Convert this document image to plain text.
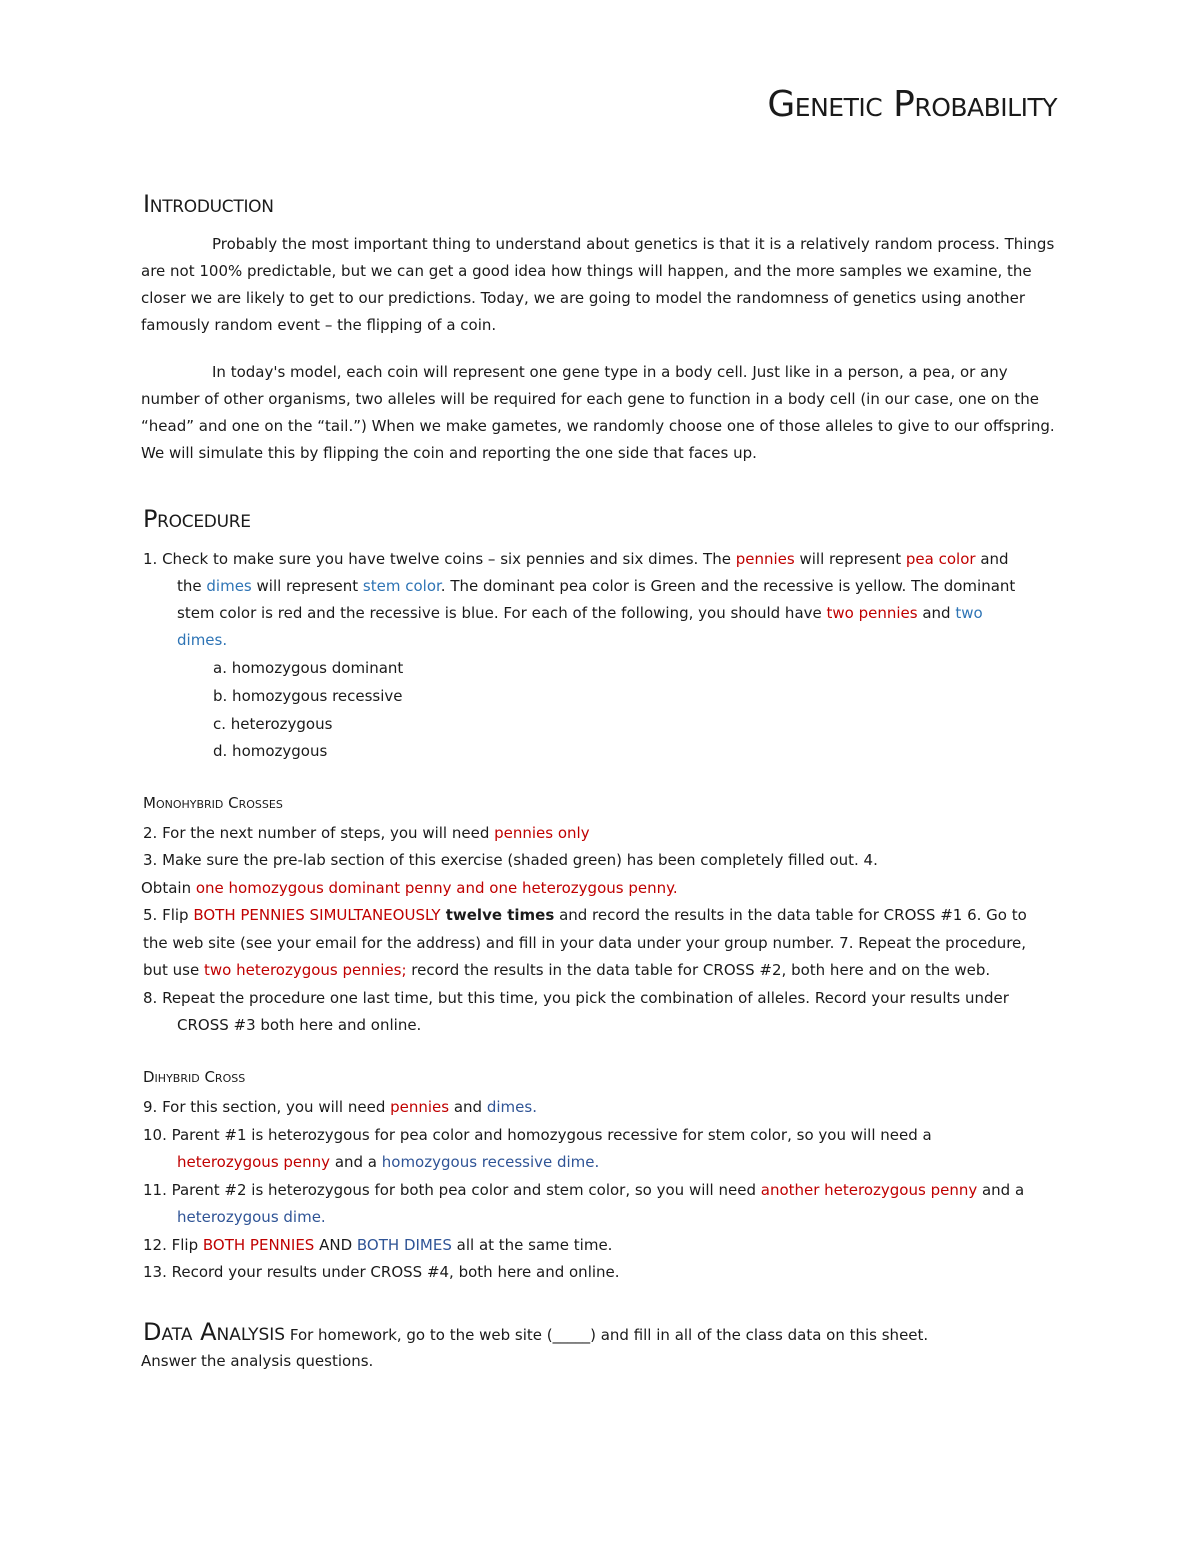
Genetic Probability
Introduction
Probably the most important thing to understand about genetics is that it is a relatively random process. Things are not 100% predictable, but we can get a good idea how things will happen, and the more samples we examine, the closer we are likely to get to our predictions. Today, we are going to model the randomness of genetics using another famously random event – the flipping of a coin.
In today's model, each coin will represent one gene type in a body cell. Just like in a person, a pea, or any number of other organisms, two alleles will be required for each gene to function in a body cell (in our case, one on the “head” and one on the “tail.”) When we make gametes, we randomly choose one of those alleles to give to our offspring. We will simulate this by flipping the coin and reporting the one side that faces up.
Procedure
1. Check to make sure you have twelve coins – six pennies and six dimes. The pennies will represent pea color and
the dimes will represent stem color. The dominant pea color is Green and the recessive is yellow. The dominant
stem color is red and the recessive is blue. For each of the following, you should have two pennies and two
dimes.
a. homozygous dominant
b. homozygous recessive
c. heterozygous
d. homozygous
Monohybrid Crosses
2. For the next number of steps, you will need pennies only
3. Make sure the pre-lab section of this exercise (shaded green) has been completely filled out. 4.
Obtain one homozygous dominant penny and one heterozygous penny.
5. Flip BOTH PENNIES SIMULTANEOUSLY twelve times and record the results in the data table for CROSS #1 6. Go to
the web site (see your email for the address) and fill in your data under your group number. 7. Repeat the procedure,
but use two heterozygous pennies; record the results in the data table for CROSS #2, both here and on the web.
8. Repeat the procedure one last time, but this time, you pick the combination of alleles. Record your results under
CROSS #3 both here and online.
Dihybrid Cross
9. For this section, you will need pennies and dimes.
10. Parent #1 is heterozygous for pea color and homozygous recessive for stem color, so you will need a
heterozygous penny and a homozygous recessive dime.
11. Parent #2 is heterozygous for both pea color and stem color, so you will need another heterozygous penny and a
heterozygous dime.
12. Flip BOTH PENNIES AND BOTH DIMES all at the same time.
13. Record your results under CROSS #4, both here and online.
Data Analysis For homework, go to the web site (_____) and fill in all of the class data on this sheet.
Answer the analysis questions.
